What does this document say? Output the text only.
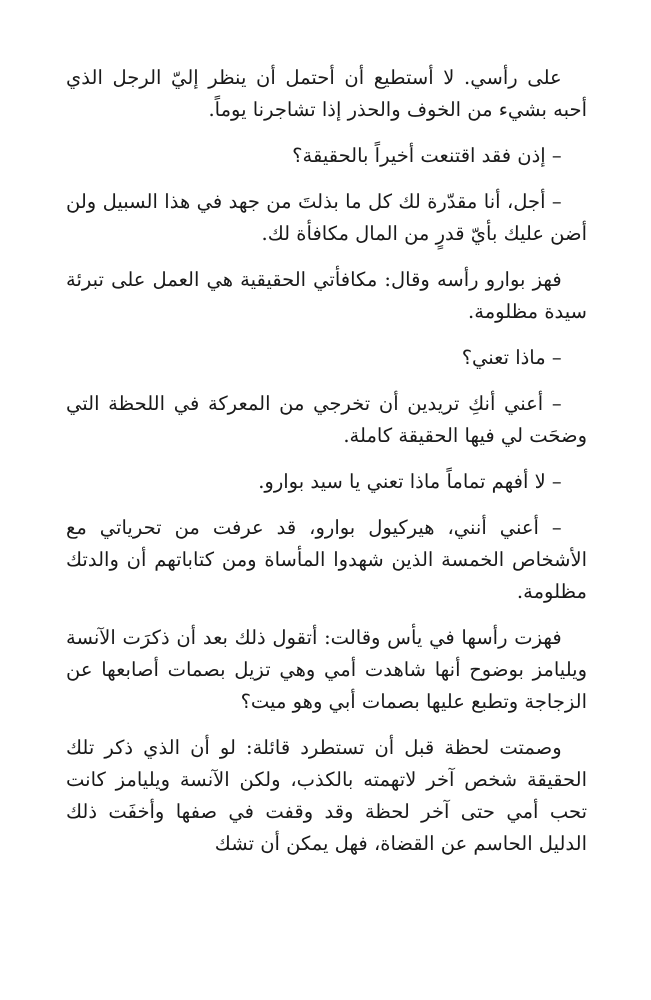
على رأسي. لا أستطيع أن أحتمل أن ينظر إليّ الرجل الذي أحبه بشيء من الخوف والحذر إذا تشاجرنا يوماً.

– إذن فقد اقتنعت أخيراً بالحقيقة؟

– أجل، أنا مقدّرة لك كل ما بذلتَ من جهد في هذا السبيل ولن أضن عليك بأيّ قدرٍ من المال مكافأة لك.

فهز بوارو رأسه وقال: مكافأتي الحقيقية هي العمل على تبرئة سيدة مظلومة.

– ماذا تعني؟

– أعني أنكِ تريدين أن تخرجي من المعركة في اللحظة التي وضحَت لي فيها الحقيقة كاملة.

– لا أفهم تماماً ماذا تعني يا سيد بوارو.

– أعني أنني، هيركيول بوارو، قد عرفت من تحرياتي مع الأشخاص الخمسة الذين شهدوا المأساة ومن كتاباتهم أن والدتك مظلومة.

فهزت رأسها في يأس وقالت: أتقول ذلك بعد أن ذكرَت الآنسة ويليامز بوضوح أنها شاهدت أمي وهي تزيل بصمات أصابعها عن الزجاجة وتطبع عليها بصمات أبي وهو ميت؟

وصمتت لحظة قبل أن تستطرد قائلة: لو أن الذي ذكر تلك الحقيقة شخص آخر لاتهمته بالكذب، ولكن الآنسة ويليامز كانت تحب أمي حتى آخر لحظة وقد وقفت في صفها وأخفَت ذلك الدليل الحاسم عن القضاة، فهل يمكن أن تشك
